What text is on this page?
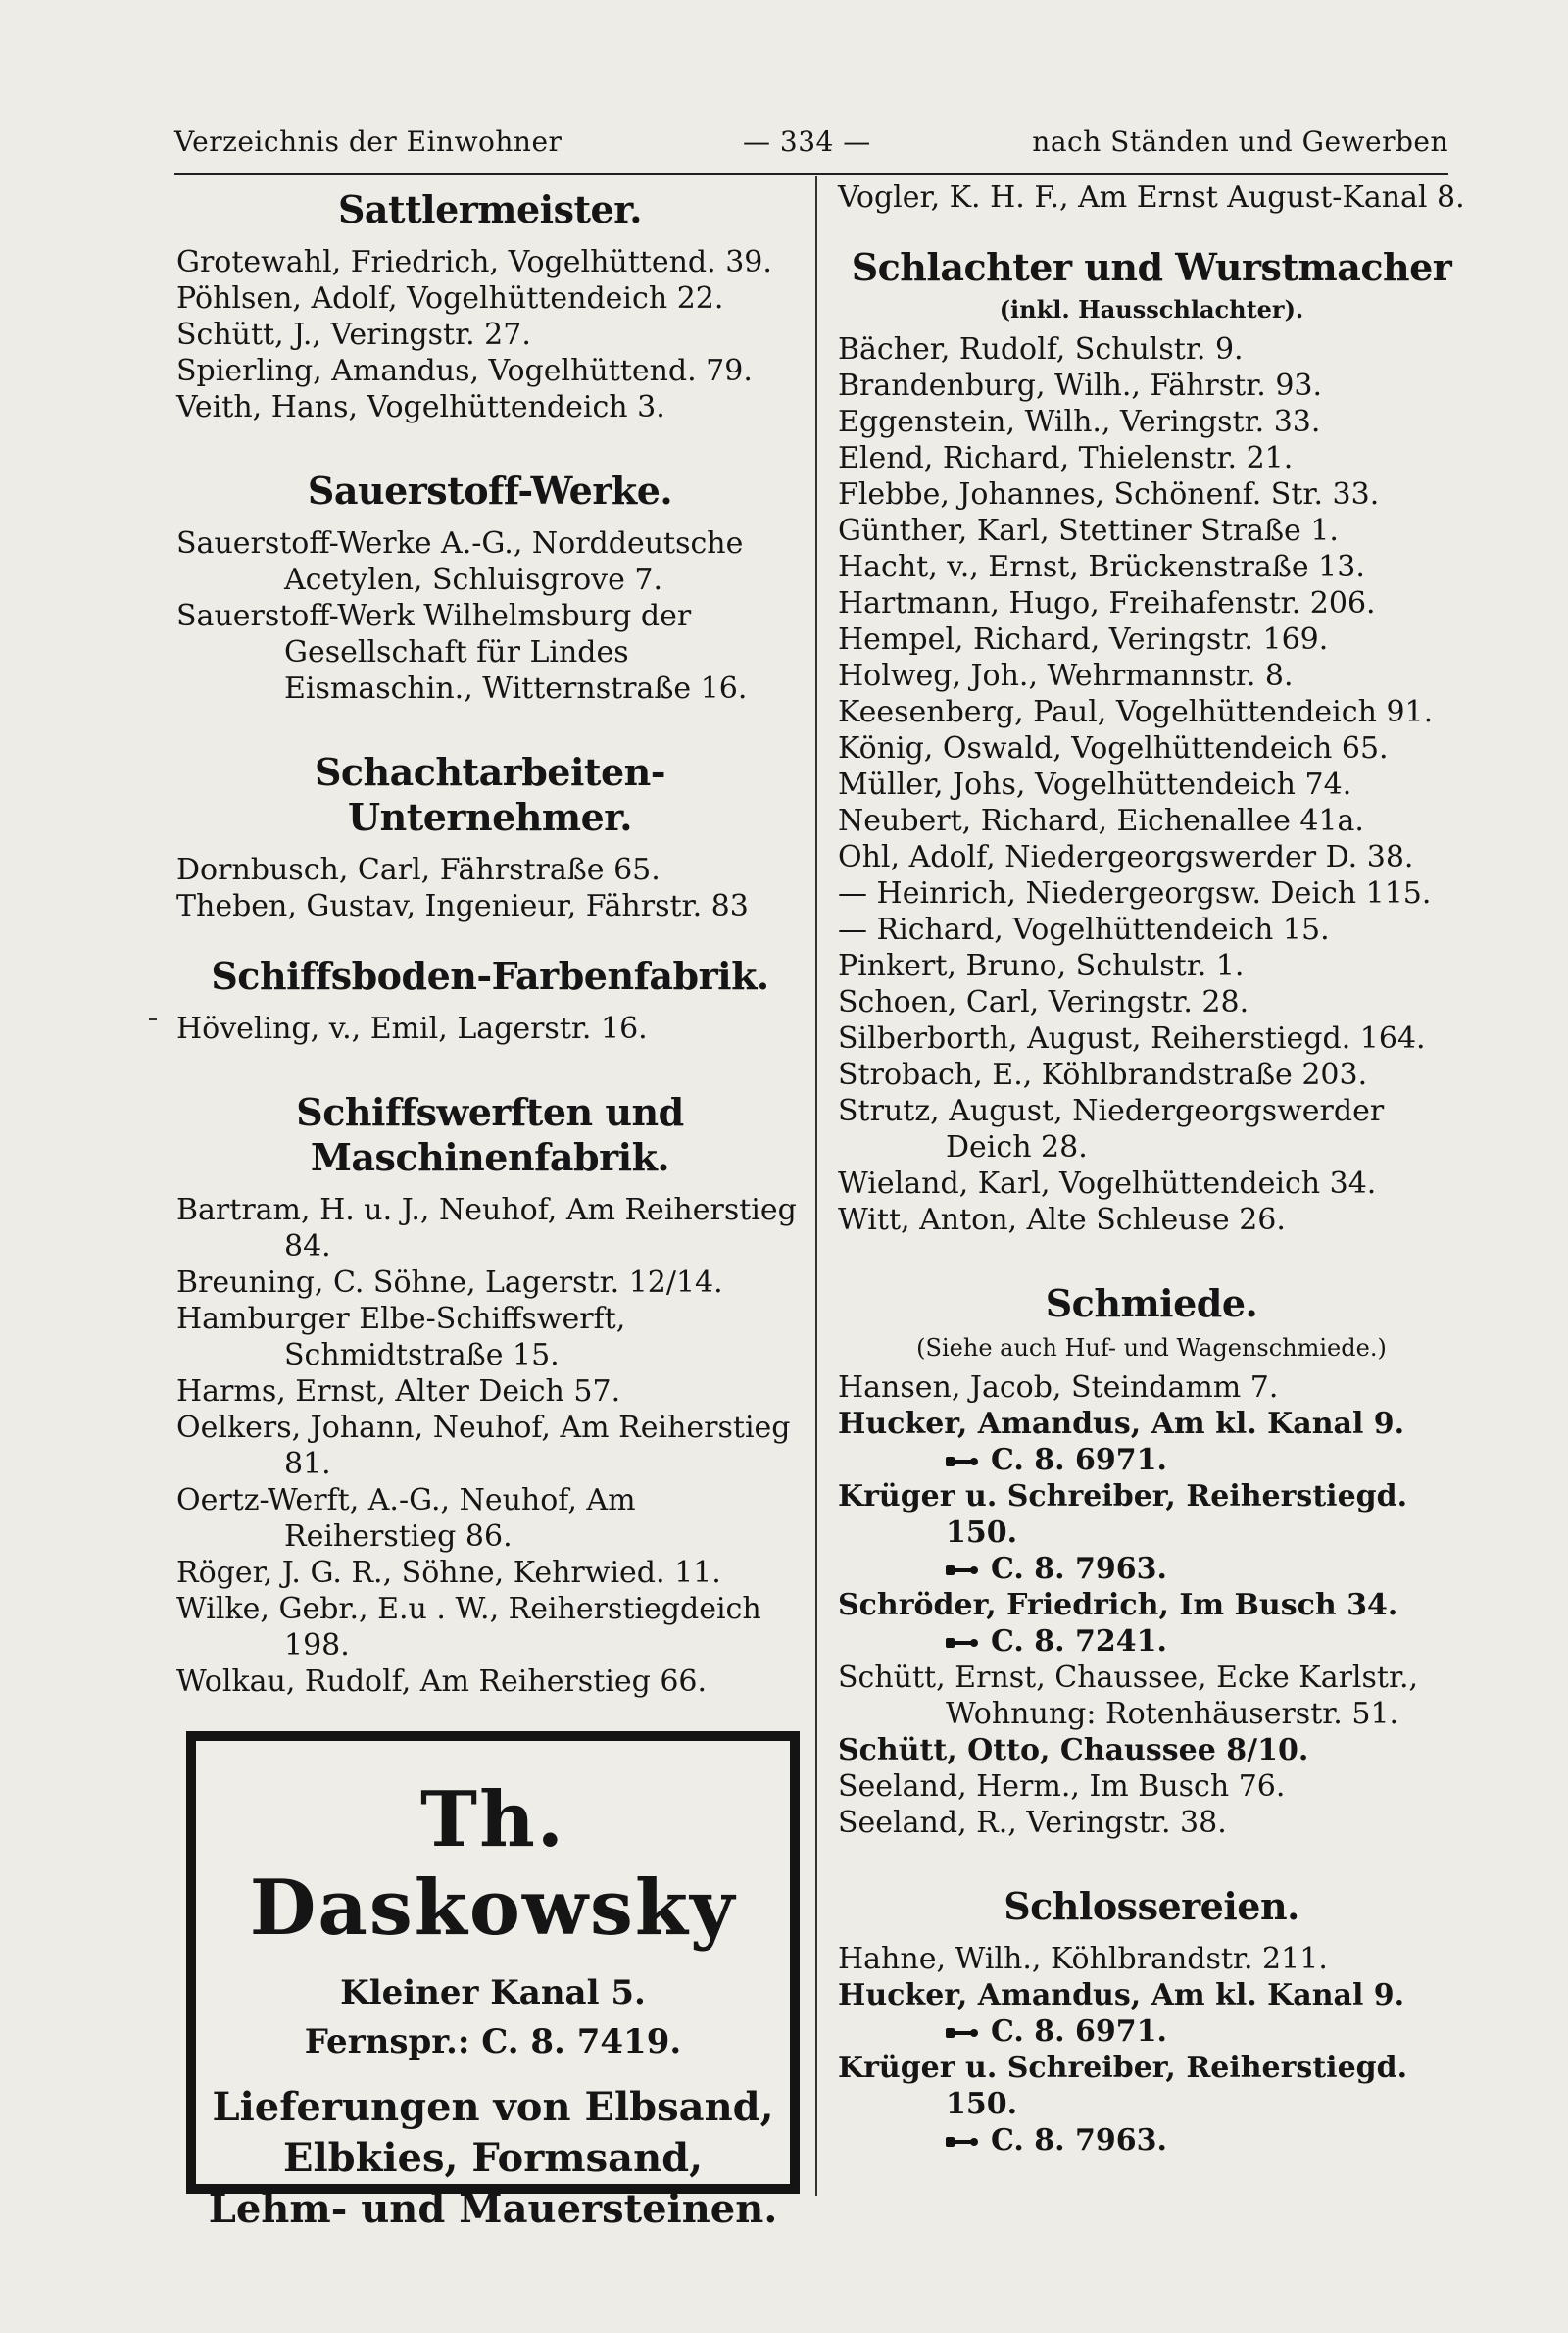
Verzeichnis der Einwohner	— 334 —	nach Ständen und Gewerben
Sattlermeister.

Grotewahl, Friedrich, Vogelhüttend. 39.

Pöhlsen, Adolf, Vogelhüttendeich 22.

Schütt, J., Veringstr. 27.

Spierling, Amandus, Vogelhüttend. 79.

Veith, Hans, Vogelhüttendeich 3.

Sauerstoff-Werke.

Sauerstoff-Werke A.-G., Norddeutsche Acetylen, Schluisgrove 7.

Sauerstoff-Werk Wilhelmsburg der Gesellschaft für Lindes Eismaschin., Witternstraße 16.

Schachtarbeiten-Unternehmer.

Dornbusch, Carl, Fährstraße 65.

Theben, Gustav, Ingenieur, Fährstr. 83

Schiffsboden-Farbenfabrik.

Höveling, v., Emil, Lagerstr. 16.

Schiffswerften und Maschinenfabrik.

Bartram, H. u. J., Neuhof, Am Reiherstieg 84.

Breuning, C. Söhne, Lagerstr. 12/14.

Hamburger Elbe-Schiffswerft, Schmidtstraße 15.

Harms, Ernst, Alter Deich 57.

Oelkers, Johann, Neuhof, Am Reiherstieg 81.

Oertz-Werft, A.-G., Neuhof, Am Reiherstieg 86.

Röger, J. G. R., Söhne, Kehrwied. 11.

Wilke, Gebr., E.u . W., Reiherstiegdeich 198.

Wolkau, Rudolf, Am Reiherstieg 66.

Th. Daskowsky
Kleiner Kanal 5.
Fernspr.: C. 8. 7419.
Lieferungen von Elbsand,
Elbkies, Formsand,
Lehm- und Mauersteinen.

Vogler, K. H. F., Am Ernst August-Kanal 8.

Schlachter und Wurstmacher
(inkl. Hausschlachter).

Bächer, Rudolf, Schulstr. 9.

Brandenburg, Wilh., Fährstr. 93.

Eggenstein, Wilh., Veringstr. 33.

Elend, Richard, Thielenstr. 21.

Flebbe, Johannes, Schönenf. Str. 33.

Günther, Karl, Stettiner Straße 1.

Hacht, v., Ernst, Brückenstraße 13.

Hartmann, Hugo, Freihafenstr. 206.

Hempel, Richard, Veringstr. 169.

Holweg, Joh., Wehrmannstr. 8.

Keesenberg, Paul, Vogelhüttendeich 91.

König, Oswald, Vogelhüttendeich 65.

Müller, Johs, Vogelhüttendeich 74.

Neubert, Richard, Eichenallee 41a.

Ohl, Adolf, Niedergeorgswerder D. 38.

— Heinrich, Niedergeorgsw. Deich 115.

— Richard, Vogelhüttendeich 15.

Pinkert, Bruno, Schulstr. 1.

Schoen, Carl, Veringstr. 28.

Silberborth, August, Reiherstiegd. 164.

Strobach, E., Köhlbrandstraße 203.

Strutz, August, Niedergeorgswerder Deich 28.

Wieland, Karl, Vogelhüttendeich 34.

Witt, Anton, Alte Schleuse 26.

Schmiede.
(Siehe auch Huf- und Wagenschmiede.)

Hansen, Jacob, Steindamm 7.

Hucker, Amandus, Am kl. Kanal 9.

C. 8. 6971.

Krüger u. Schreiber, Reiherstiegd. 150.

C. 8. 7963.

Schröder, Friedrich, Im Busch 34.

C. 8. 7241.

Schütt, Ernst, Chaussee, Ecke Karlstr., Wohnung: Rotenhäuserstr. 51.

Schütt, Otto, Chaussee 8/10.

Seeland, Herm., Im Busch 76.

Seeland, R., Veringstr. 38.

Schlossereien.

Hahne, Wilh., Köhlbrandstr. 211.

Hucker, Amandus, Am kl. Kanal 9.

C. 8. 6971.

Krüger u. Schreiber, Reiherstiegd. 150.

C. 8. 7963.
